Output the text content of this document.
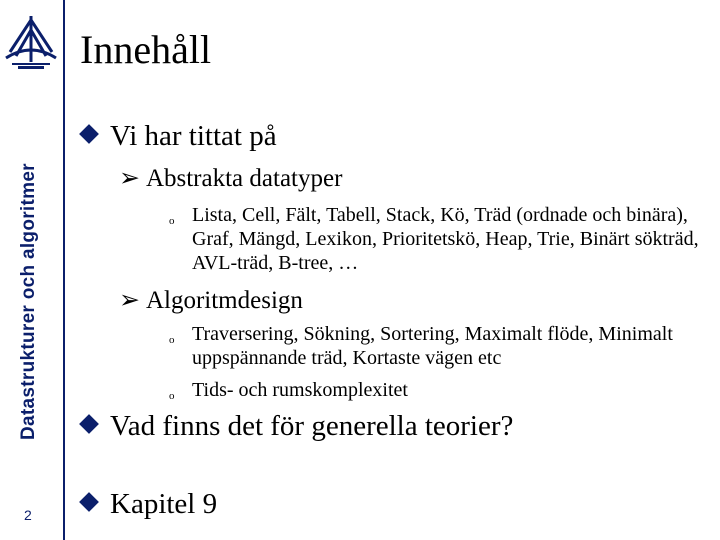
Datastrukturer och algoritmer
2
Innehåll
Vi har tittat på
➢ Abstrakta datatyper
o Lista, Cell, Fält, Tabell, Stack, Kö, Träd (ordnade och binära), Graf, Mängd, Lexikon, Prioritetskö, Heap, Trie, Binärt sökträd, AVL-träd, B-tree, …
➢ Algoritmdesign
o Traversering, Sökning, Sortering, Maximalt flöde, Minimalt uppspännande träd, Kortaste vägen etc
o Tids- och rumskomplexitet
Vad finns det för generella teorier?
Kapitel 9
